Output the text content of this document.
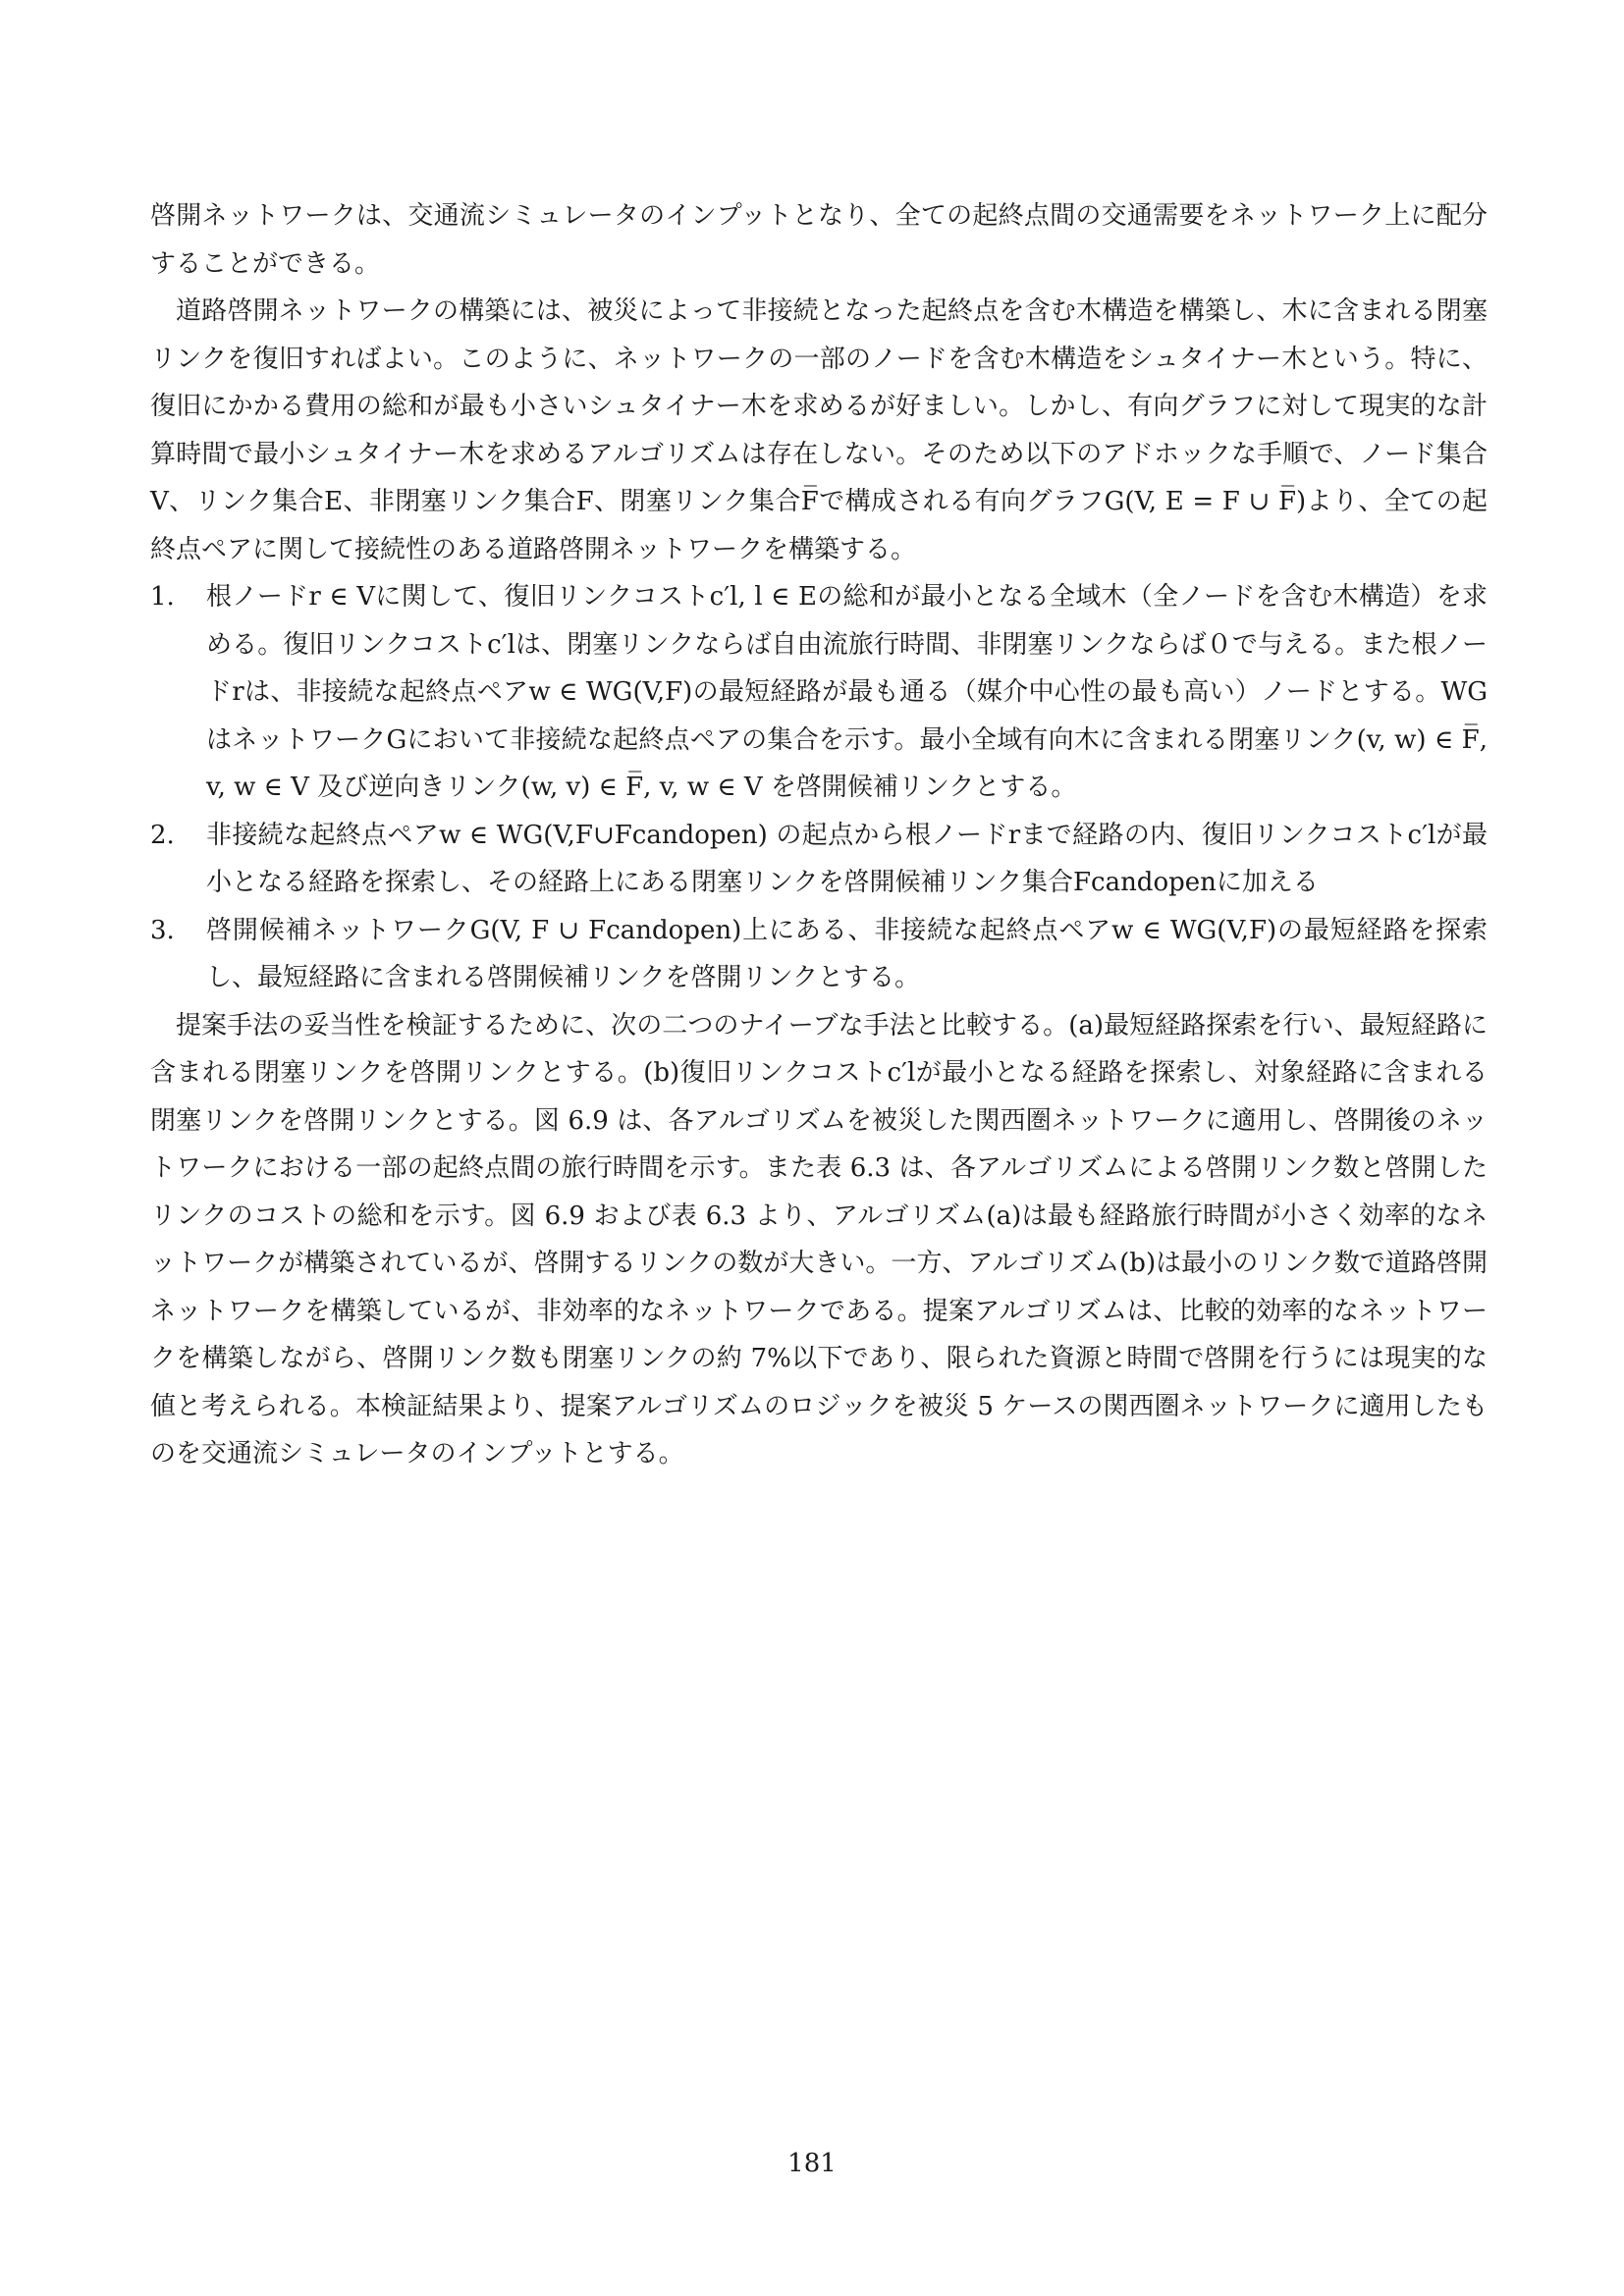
啓開ネットワークは、交通流シミュレータのインプットとなり、全ての起終点間の交通需要をネットワーク上に配分することができる。

道路啓開ネットワークの構築には、被災によって非接続となった起終点を含む木構造を構築し、木に含まれる閉塞リンクを復旧すればよい。このように、ネットワークの一部のノードを含む木構造をシュタイナー木という。特に、復旧にかかる費用の総和が最も小さいシュタイナー木を求めるが好ましい。しかし、有向グラフに対して現実的な計算時間で最小シュタイナー木を求めるアルゴリズムは存在しない。そのため以下のアドホックな手順で、ノード集合V、リンク集合E、非閉塞リンク集合F、閉塞リンク集合F̅で構成される有向グラフG(V, E = F ∪ F̅)より、全ての起終点ペアに関して接続性のある道路啓開ネットワークを構築する。

1.	根ノードr ∈ Vに関して、復旧リンクコストc′l, l ∈ Eの総和が最小となる全域木（全ノードを含む木構造）を求める。復旧リンクコストc′lは、閉塞リンクならば自由流旅行時間、非閉塞リンクならば０で与える。また根ノードrは、非接続な起終点ペアw ∈ WG(V,F)の最短経路が最も通る（媒介中心性の最も高い）ノードとする。WGはネットワークGにおいて非接続な起終点ペアの集合を示す。最小全域有向木に含まれる閉塞リンク(v, w) ∈ F̅, v, w ∈ V 及び逆向きリンク(w, v) ∈ F̅, v, w ∈ V を啓開候補リンクとする。
2.	非接続な起終点ペアw ∈ WG(V,F∪Fcandopen) の起点から根ノードrまで経路の内、復旧リンクコストc′lが最小となる経路を探索し、その経路上にある閉塞リンクを啓開候補リンク集合Fcandopenに加える
3.	啓開候補ネットワークG(V, F ∪ Fcandopen)上にある、非接続な起終点ペアw ∈ WG(V,F)の最短経路を探索し、最短経路に含まれる啓開候補リンクを啓開リンクとする。

提案手法の妥当性を検証するために、次の二つのナイーブな手法と比較する。(a)最短経路探索を行い、最短経路に含まれる閉塞リンクを啓開リンクとする。(b)復旧リンクコストc′lが最小となる経路を探索し、対象経路に含まれる閉塞リンクを啓開リンクとする。図 6.9 は、各アルゴリズムを被災した関西圏ネットワークに適用し、啓開後のネットワークにおける一部の起終点間の旅行時間を示す。また表 6.3 は、各アルゴリズムによる啓開リンク数と啓開したリンクのコストの総和を示す。図 6.9 および表 6.3 より、アルゴリズム(a)は最も経路旅行時間が小さく効率的なネットワークが構築されているが、啓開するリンクの数が大きい。一方、アルゴリズム(b)は最小のリンク数で道路啓開ネットワークを構築しているが、非効率的なネットワークである。提案アルゴリズムは、比較的効率的なネットワークを構築しながら、啓開リンク数も閉塞リンクの約 7%以下であり、限られた資源と時間で啓開を行うには現実的な値と考えられる。本検証結果より、提案アルゴリズムのロジックを被災 5 ケースの関西圏ネットワークに適用したものを交通流シミュレータのインプットとする。

181
